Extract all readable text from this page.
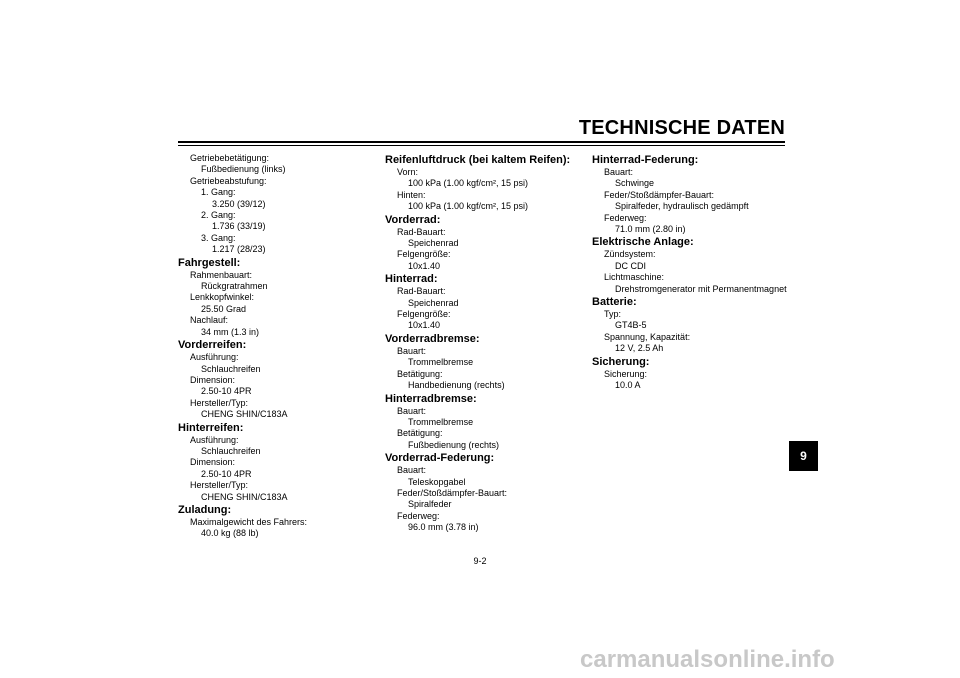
TECHNISCHE DATEN
Getriebebetätigung:
Fußbedienung (links)
Getriebeabstufung:
1. Gang:
3.250 (39/12)
2. Gang:
1.736 (33/19)
3. Gang:
1.217 (28/23)
Fahrgestell:
Rahmenbauart:
Rückgratrahmen
Lenkkopfwinkel:
25.50 Grad
Nachlauf:
34 mm (1.3 in)
Vorderreifen:
Ausführung:
Schlauchreifen
Dimension:
2.50-10 4PR
Hersteller/Typ:
CHENG SHIN/C183A
Hinterreifen:
Ausführung:
Schlauchreifen
Dimension:
2.50-10 4PR
Hersteller/Typ:
CHENG SHIN/C183A
Zuladung:
Maximalgewicht des Fahrers:
40.0 kg (88 lb)
Reifenluftdruck (bei kaltem Reifen):
Vorn:
100 kPa (1.00 kgf/cm², 15 psi)
Hinten:
100 kPa (1.00 kgf/cm², 15 psi)
Vorderrad:
Rad-Bauart:
Speichenrad
Felgengröße:
10x1.40
Hinterrad:
Rad-Bauart:
Speichenrad
Felgengröße:
10x1.40
Vorderradbremse:
Bauart:
Trommelbremse
Betätigung:
Handbedienung (rechts)
Hinterradbremse:
Bauart:
Trommelbremse
Betätigung:
Fußbedienung (rechts)
Vorderrad-Federung:
Bauart:
Teleskopgabel
Feder/Stoßdämpfer-Bauart:
Spiralfeder
Federweg:
96.0 mm (3.78 in)
Hinterrad-Federung:
Bauart:
Schwinge
Feder/Stoßdämpfer-Bauart:
Spiralfeder, hydraulisch gedämpft
Federweg:
71.0 mm (2.80 in)
Elektrische Anlage:
Zündsystem:
DC CDI
Lichtmaschine:
Drehstromgenerator mit Permanentmagnet
Batterie:
Typ:
GT4B-5
Spannung, Kapazität:
12 V, 2.5 Ah
Sicherung:
Sicherung:
10.0 A
9
9-2
carmanualsonline.info
